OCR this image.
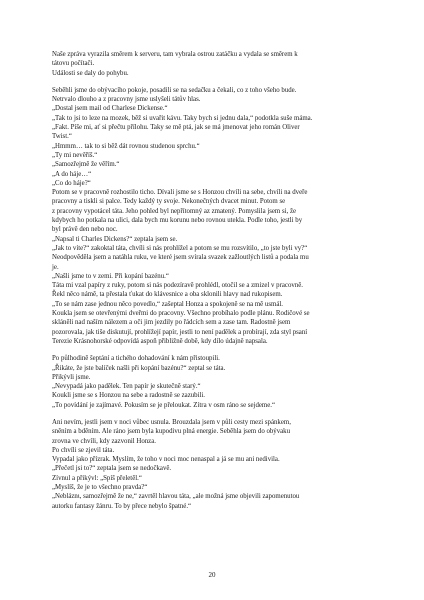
Naše zpráva vyrazila směrem k serveru, tam vybrala ostrou zatáčku a vydala se směrem k
tátovu počítači.
Události se daly do pohybu.
Seběhli jsme do obývacího pokoje, posadili se na sedačku a čekali, co z toho všeho bude.
Netrvalo dlouho a z pracovny jsme uslyšeli tátův hlas.
„Dostal jsem mail od Charlese Dickense.“
„Tak to jsi to leze na mozek, běž si uvařit kávu. Taky bych si jednu dala,“ podotkla suše máma.
„Fakt. Píše mi, ať si přečtu přílohu. Taky se mě ptá, jak se má jmenovat jeho román Oliver
Twist.“
„Hmmm… tak to si běž dát rovnou studenou sprchu.“
„Ty mi nevěříš.“
„Samozřejmě že věřím.“
„A do háje…“
„Co do háje?“
Potom se v pracovně rozhostilo ticho. Dívali jsme se s Honzou chvíli na sebe, chvíli na dveře
pracovny a tiskli si palce. Tedy každý ty svoje. Nekonečných dvacet minut. Potom se
z pracovny vypotácel táta. Jeho pohled byl nepřítomný az zmatený. Pomyslila jsem si, že
kdybych ho potkala na ulici, dala bych mu korunu nebo rovnou utekla. Podle toho, jestli by
byl právě den nebo noc.
„Napsal ti Charles Dickens?“ zeptala jsem se.
„Jak to víte?“ zakoktal táta, chvíli si nás prohlížel a potom se mu rozsvítilo, „to jste byli vy?“
Neodpověděla jsem a natáhla ruku, ve které jsem svírala svazek zažloutlých listů a podala mu
je.
„Našli jsme to v zemi. Při kopání bazénu.“
Táta mi vzal papíry z ruky, potom si nás podezíravě prohlédl, otočil se a zmizel v pracovně.
Řekl něco námě, ta přestala ťukat do klávesnice a oba sklonili hlavy nad rukopisem.
„To se nám zase jednou něco povedlo,“ zašeptal Honza a spokojeně se na mě usmál.
Koukla jsem se otevřenými dveřmi do pracovny. Všechno probíhalo podle plánu. Rodičové se
skláněli nad naším nálezem a oči jim jezdily po řádcích sem a zase tam. Radostně jsem
pozorovala, jak tiše diskutují, prohlížejí papír, jestli to není padělek a probírají, zda styl psaní
Terezie Krásnohorské odpovídá aspoň přibližně době, kdy dílo údajně napsala.
Po půlhodině šeptání a tichého dohadování k nám přistoupili.
„Řikáte, že jste balíček našli při kopání bazénu?“ zeptal se táta.
Přikývli jsme.
„Nevypadá jako padělek. Ten papír je skutečně starý.“
Koukli jsme se s Honzou na sebe a radostně se zazubili.
„To povídání je zajímavé. Pokusím se je přeloukat. Zítra v osm ráno se sejdeme.“
Ani nevím, jestli jsem v noci vůbec usnula. Brouzdala jsem v půli cesty mezi spánkem,
sněním a bděním. Ale ráno jsem byla kupodivu plná energie. Seběhla jsem do obývaku
zrovna ve chvíli, kdy zazvonil Honza.
Po chvíli se zjevil táta.
Vypadal jako přízrak. Myslím, že toho v noci moc nenaspal a já se mu ani nedivila.
„Přečetl jsi to?“ zeptala jsem se nedočkavě.
Zívnul a přikývl: „Spíš přeletěl.“
„Myslíš, že je to všechno pravda?“
„Nebláznι, samozřejmě že ne,“ zavrtěl hlavou táta, „ale možná jsme objevili zapomenutou
autorku fantasy žánru. To by přece nebylo špatné.“
20
